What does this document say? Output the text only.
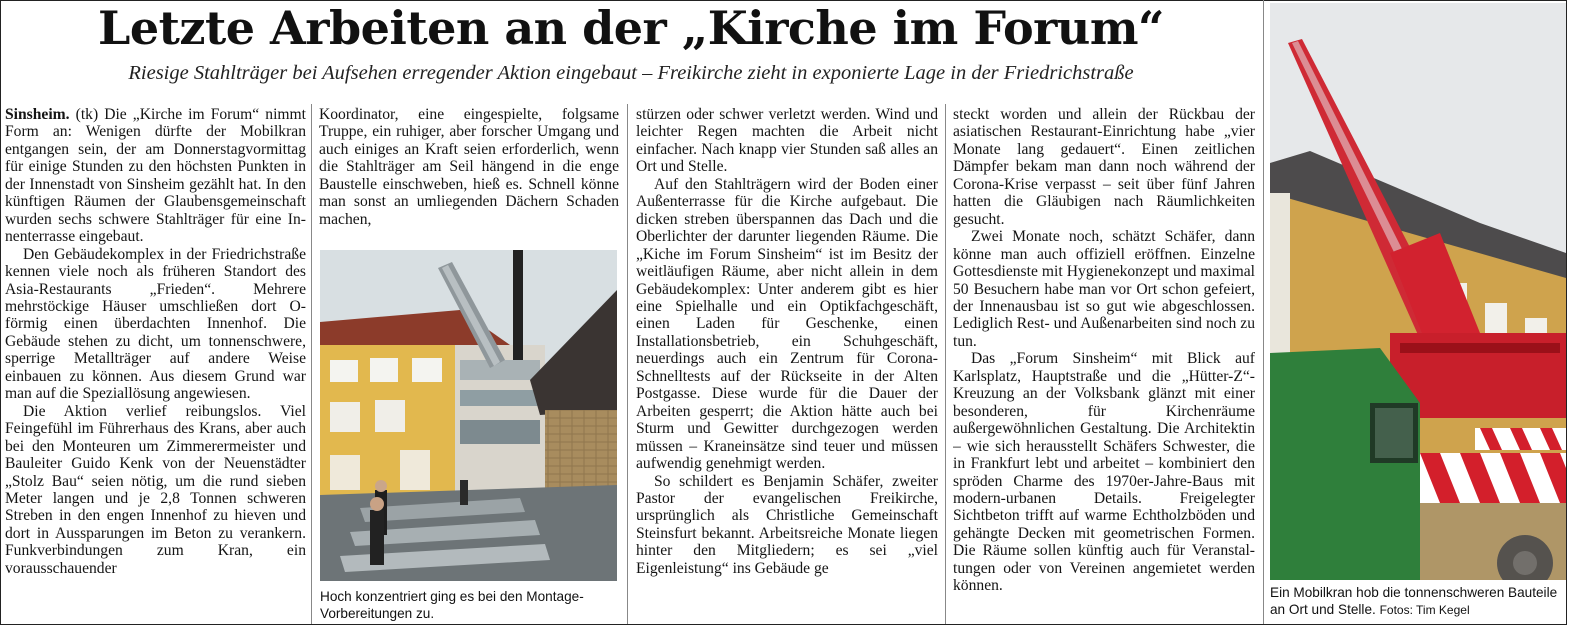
Letzte Arbeiten an der „Kirche im Forum“
Riesige Stahlträger bei Aufsehen erregender Aktion eingebaut – Freikirche zieht in exponierte Lage in der Friedrichstraße

Sinsheim. (tk) Die „Kirche im Forum“ nimmt Form an: Wenigen dürfte der Mobilkran entgangen sein, der am Donnerstagvormittag für einige Stunden zu den höchsten Punkten in der Innenstadt von Sinsheim gezählt hat. In den künftigen Räumen der Glaubensgemeinschaft wurden sechs schwere Stahlträger für eine Innenterrasse eingebaut.

Den Gebäudekomplex in der Friedrichstraße kennen viele noch als früheren Standort des Asia-Restaurants „Frieden“. Mehrere mehrstöckige Häuser umschließen dort O-förmig einen überdachten Innenhof. Die Gebäude stehen zu dicht, um tonnenschwere, sperrige Metallträger auf andere Weise einbauen zu können. Aus diesem Grund war man auf die Speziallösung angewiesen.

Die Aktion verlief reibungslos. Viel Feingefühl im Führerhaus des Krans, aber auch bei den Monteuren um Zimmerermeister und Bauleiter Guido Kenk von der Neuenstädter „Stolz Bau“ seien nötig, um die rund sieben Meter langen und je 2,8 Tonnen schweren Streben in den engen Innenhof zu hieven und dort in Aussparungen im Beton zu verankern. Funkverbindungen zum Kran, ein vorausschauender

Koordinator, eine eingespielte, folgsame Truppe, ein ruhiger, aber forscher Umgang und auch einiges an Kraft seien erforderlich, wenn die Stahlträger am Seil hängend in die enge Baustelle einschweben, hieß es. Schnell könne man sonst an umliegenden Dächern Schaden machen,

Hoch konzentriert ging es bei den Montage-Vorbereitungen zu.

stürzen oder schwer verletzt werden. Wind und leichter Regen machten die Arbeit nicht einfacher. Nach knapp vier Stunden saß alles an Ort und Stelle.

Auf den Stahlträgern wird der Boden einer Außenterrasse für die Kirche aufgebaut. Die dicken streben überspannen das Dach und die Oberlichter der darunter liegenden Räume. Die „Kiche im Forum Sinsheim“ ist im Besitz der weitläufigen Räume, aber nicht allein in dem Gebäudekomplex: Unter anderem gibt es hier eine Spielhalle und ein Optikfachgeschäft, einen Laden für Geschenke, einen Installationsbetrieb, ein Schuhgeschäft, neuerdings auch ein Zentrum für Corona-Schnelltests auf der Rückseite in der Alten Postgasse. Diese wurde für die Dauer der Arbeiten gesperrt; die Aktion hätte auch bei Sturm und Gewitter durchgezogen werden müssen – Kraneinsätze sind teuer und müssen aufwendig genehmigt werden.

So schildert es Benjamin Schäfer, zweiter Pastor der evangelischen Freikirche, ursprünglich als Christliche Gemeinschaft Steinsfurt bekannt. Arbeitsreiche Monate liegen hinter den Mitgliedern; es sei „viel Eigenleistung“ ins Gebäude ge

steckt worden und allein der Rückbau der asiatischen Restaurant-Einrichtung habe „vier Monate lang gedauert“. Einen zeitlichen Dämpfer bekam man dann noch während der Corona-Krise verpasst – seit über fünf Jahren hatten die Gläubigen nach Räumlichkeiten gesucht.

Zwei Monate noch, schätzt Schäfer, dann könne man auch offiziell eröffnen. Einzelne Gottesdienste mit Hygienekonzept und maximal 50 Besuchern habe man vor Ort schon gefeiert, der Innenausbau ist so gut wie abgeschlossen. Lediglich Rest- und Außenarbeiten sind noch zu tun.

Das „Forum Sinsheim“ mit Blick auf Karlsplatz, Hauptstraße und die „Hütter-Z“-Kreuzung an der Volksbank glänzt mit einer besonderen, für Kirchenräume außergewöhnlichen Gestaltung. Die Architektin – wie sich herausstellt Schäfers Schwester, die in Frankfurt lebt und arbeitet – kombiniert den spröden Charme des 1970er-Jahre-Baus mit modern-urbanen Details. Freigelegter Sichtbeton trifft auf warme Echtholzböden und gehängte Decken mit geometrischen Formen. Die Räume sollen künftig auch für Veranstaltungen oder von Vereinen angemietet werden können.	Ein Mobilkran hob die tonnenschweren Bauteile an Ort und Stelle. Fotos: Tim Kegel
